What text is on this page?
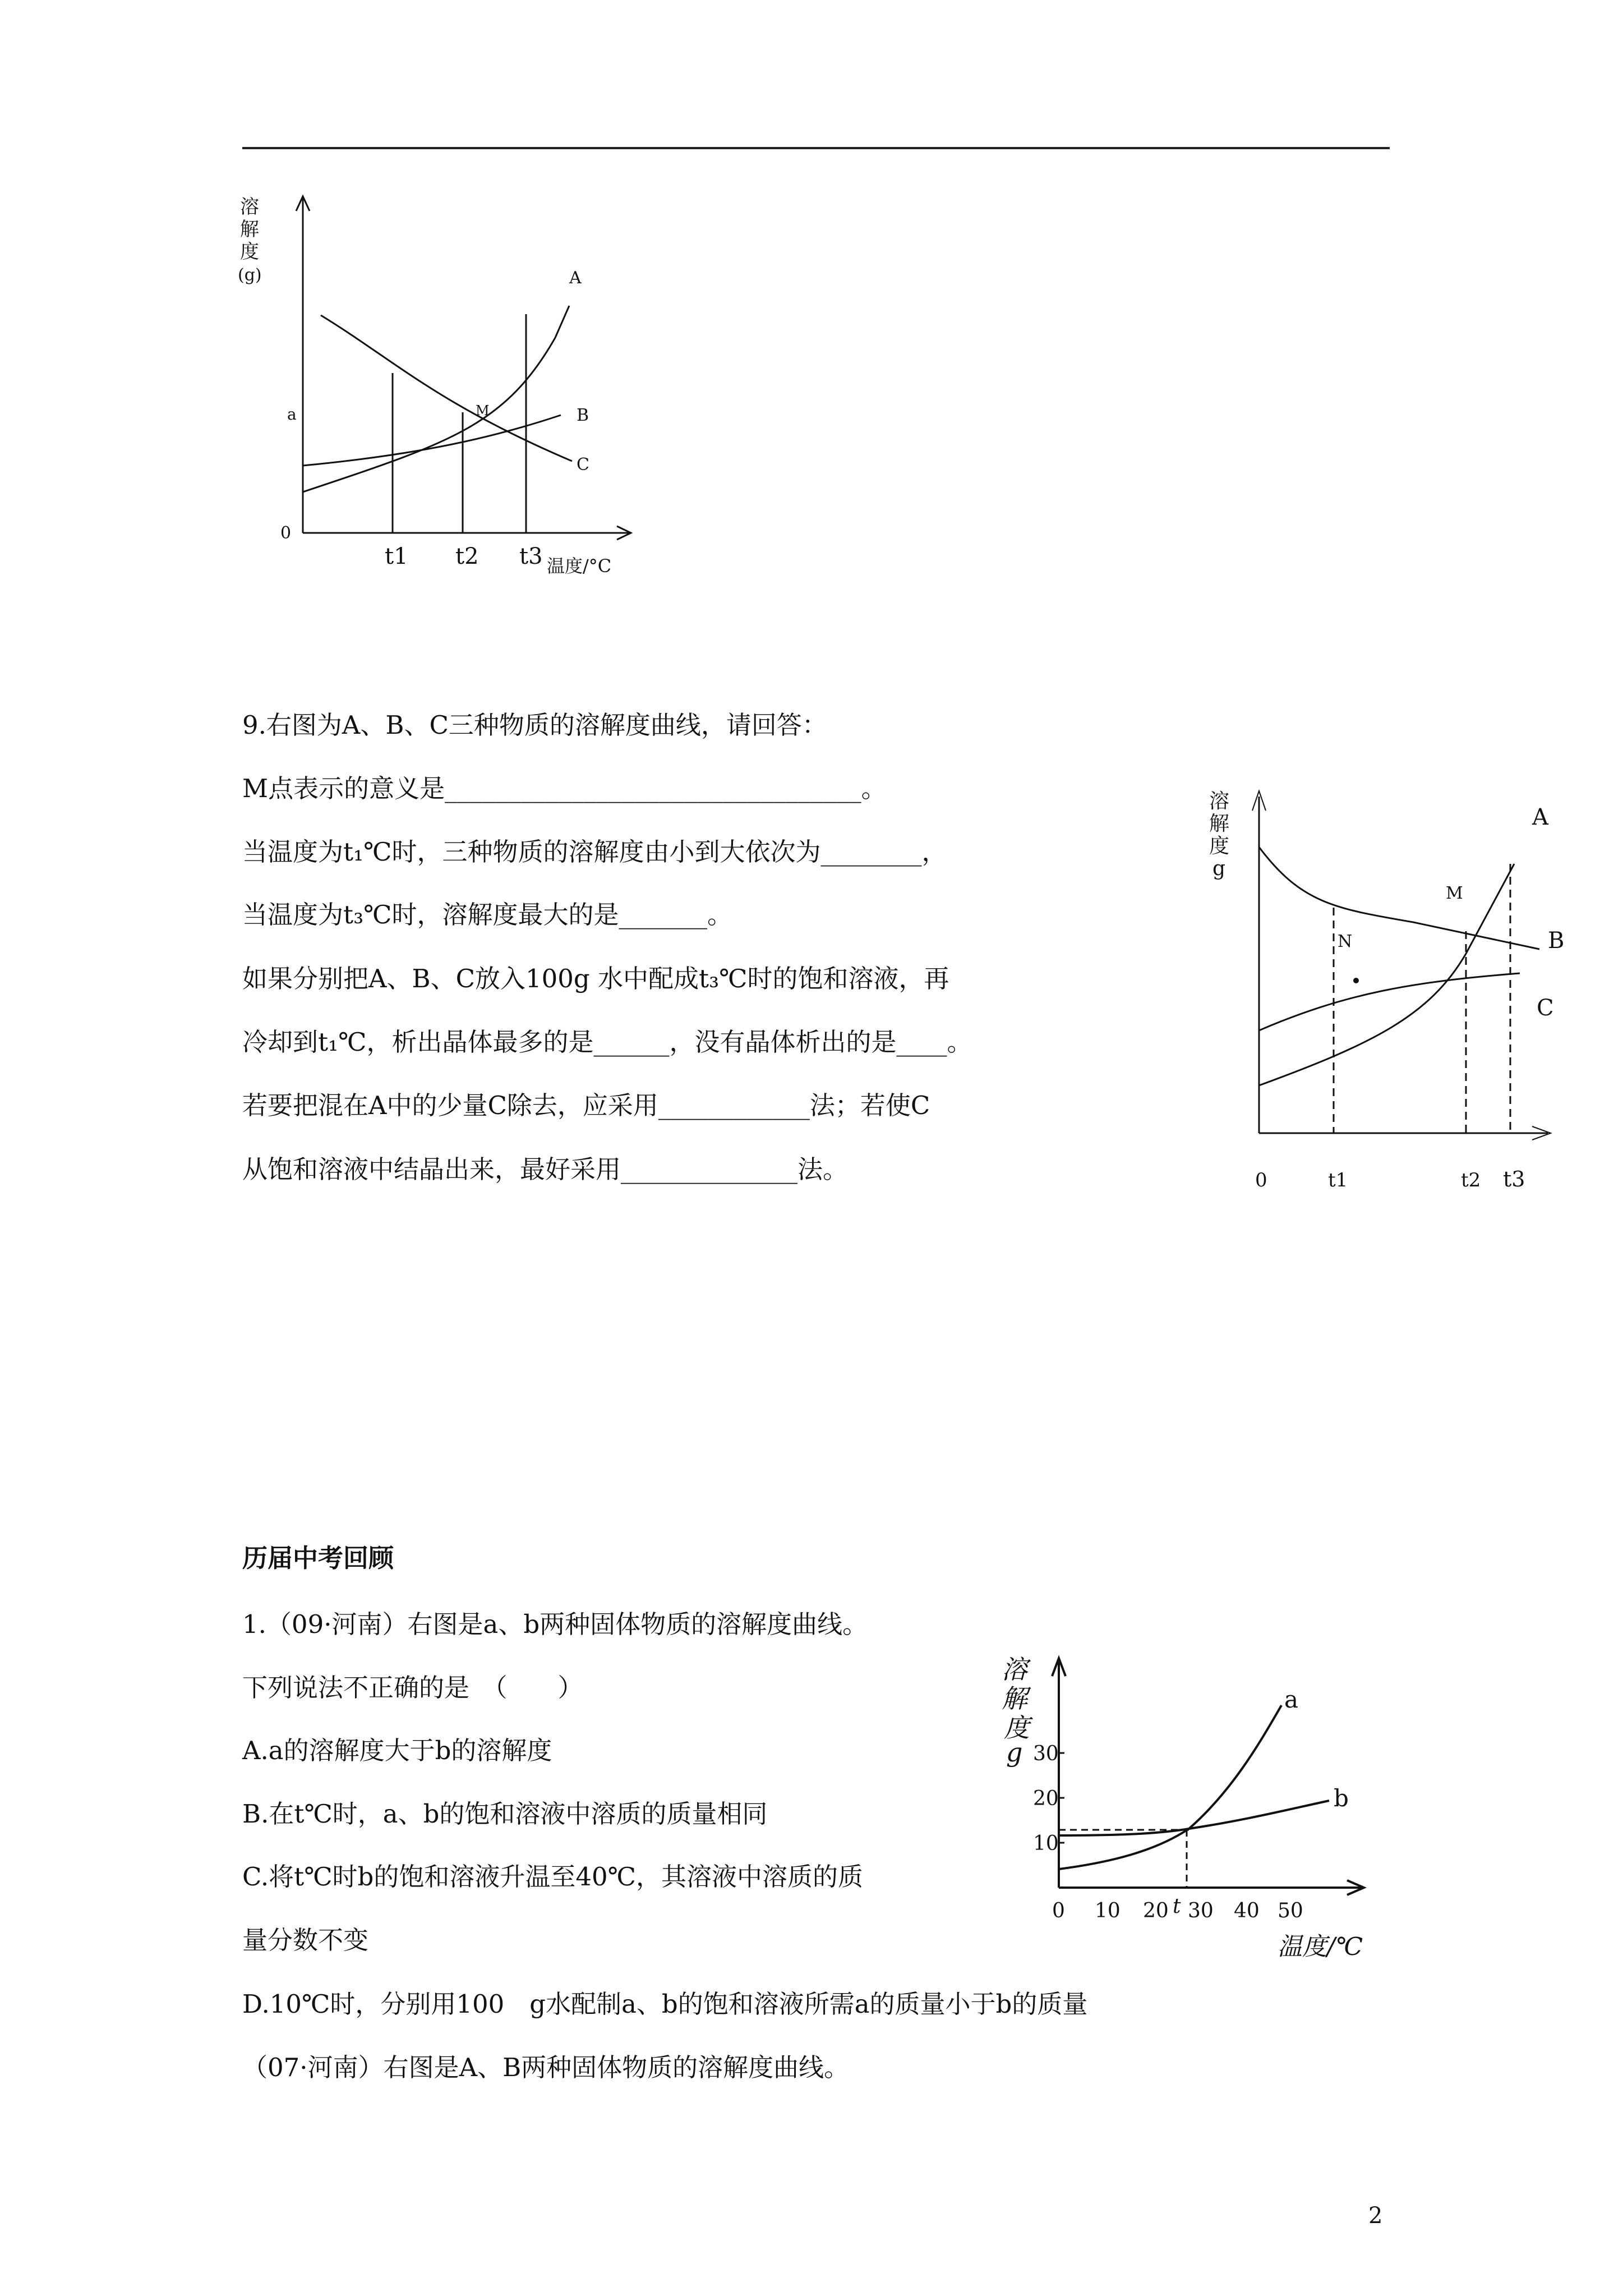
溶
解
度
(g)
a
0
M
A
B
C
t1 t2 t3 温度/°C
9.右图为A、B、C三种物质的溶解度曲线，请回答：
M点表示的意义是_________________________________。
当温度为t₁℃时，三种物质的溶解度由小到大依次为________，
当温度为t₃℃时，溶解度最大的是_______。
如果分别把A、B、C放入100g 水中配成t₃℃时的饱和溶液，再
冷却到t₁℃，析出晶体最多的是______，没有晶体析出的是____。
若要把混在A中的少量C除去，应采用____________法；若使C
从饱和溶液中结晶出来，最好采用______________法。
溶
解
度
g
M
N
A
B
C
0	t1	t2 t3
历届中考回顾
1.（09·河南）右图是a、b两种固体物质的溶解度曲线。
下列说法不正确的是　（　　）
A.a的溶解度大于b的溶解度
B.在t℃时，a、b的饱和溶液中溶质的质量相同
C.将t℃时b的饱和溶液升温至40℃，其溶液中溶质的质
量分数不变
D.10℃时，分别用100　g水配制a、b的饱和溶液所需a的质量小于b的质量
（07·河南）右图是A、B两种固体物质的溶解度曲线。
溶
解
度
g
10
20
30
a
b
0 10 20 t 30 40 50
温度/℃
2
